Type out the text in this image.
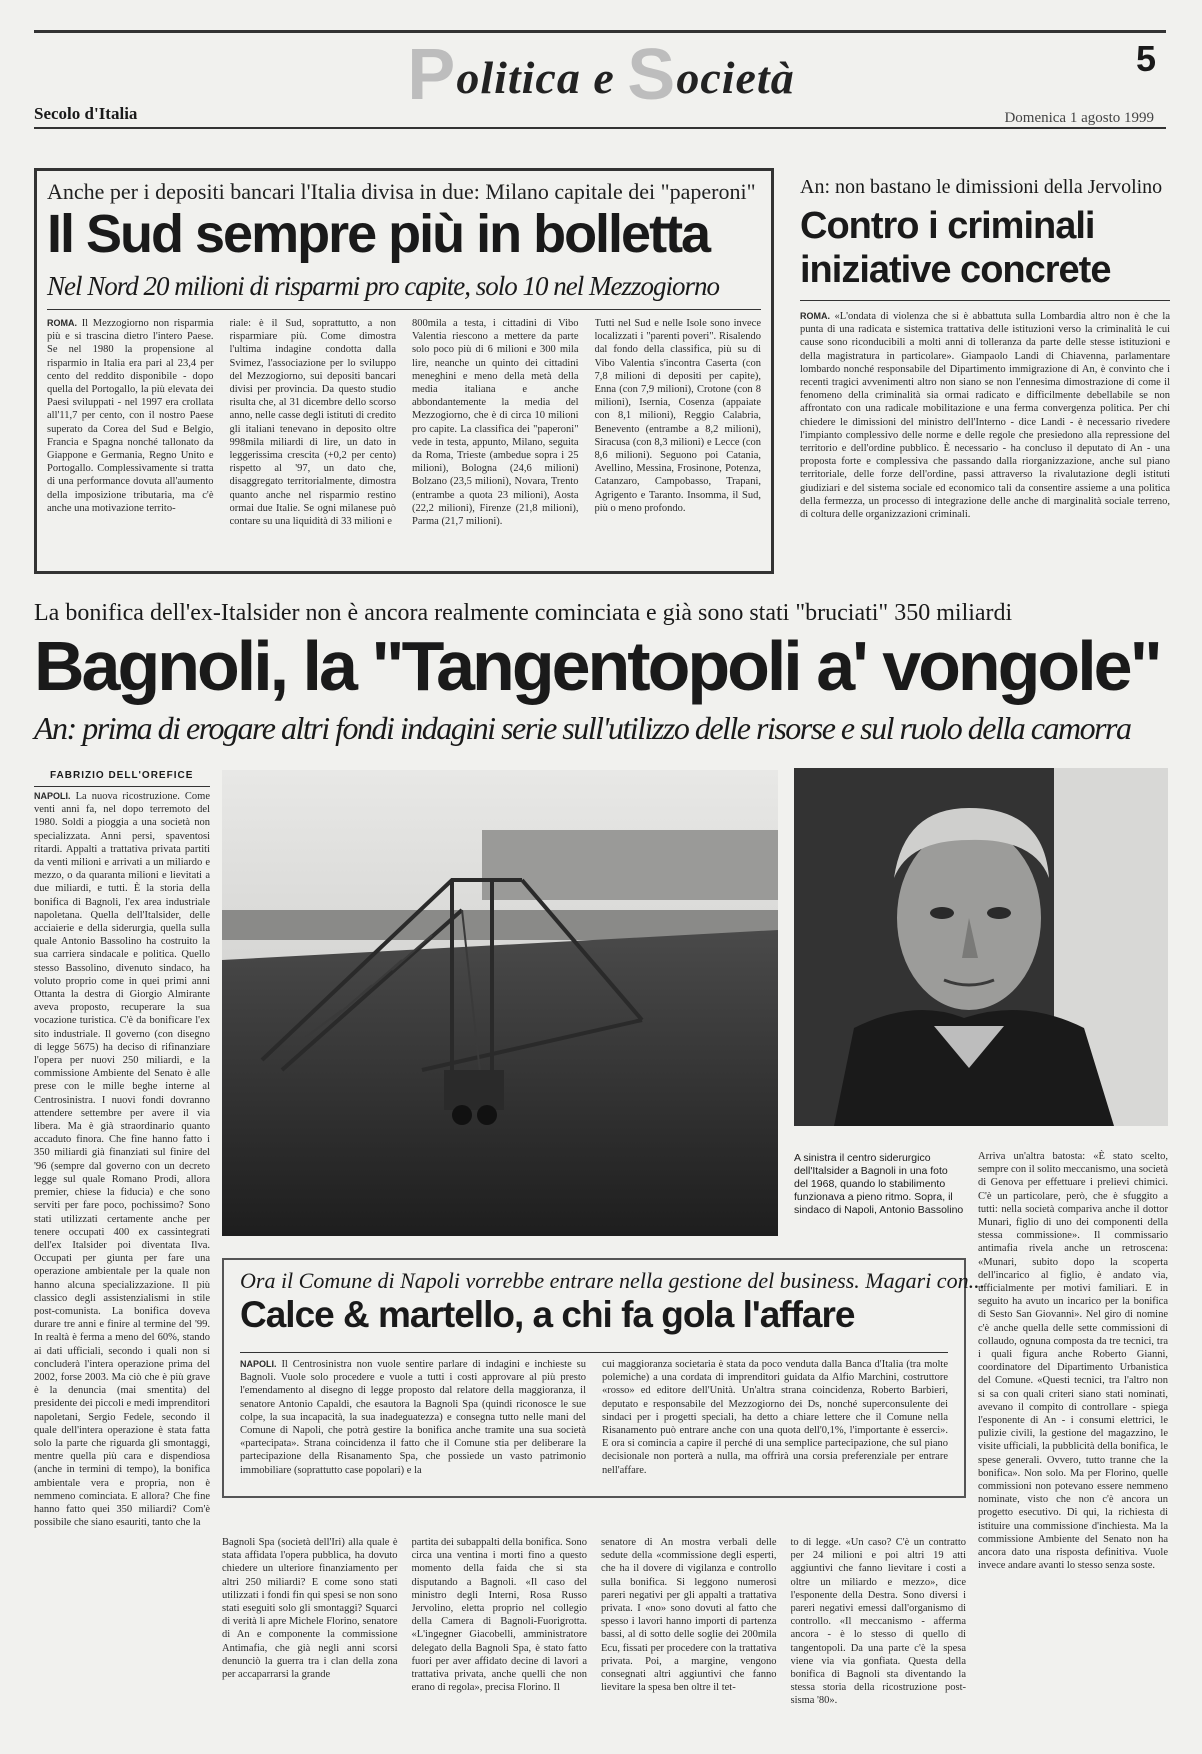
Politica e Società	5
Secolo d'Italia	Domenica 1 agosto 1999
Anche per i depositi bancari l'Italia divisa in due: Milano capitale dei "paperoni"
Il Sud sempre più in bolletta
Nel Nord 20 milioni di risparmi pro capite, solo 10 nel Mezzogiorno
ROMA. Il Mezzogiorno non risparmia più e si trascina dietro l'intero Paese. Se nel 1980 la propensione al risparmio in Italia era pari al 23,4 per cento del reddito disponibile - dopo quella del Portogallo, la più elevata dei Paesi sviluppati - nel 1997 era crollata all'11,7 per cento, con il nostro Paese superato da Corea del Sud e Belgio, Francia e Spagna nonché tallonato da Giappone e Germania, Regno Unito e Portogallo. Complessivamente si tratta di una performance dovuta all'aumento della imposizione tributaria, ma c'è anche una motivazione territo-
riale: è il Sud, soprattutto, a non risparmiare più. Come dimostra l'ultima indagine condotta dalla Svimez, l'associazione per lo sviluppo del Mezzogiorno, sui depositi bancari divisi per provincia. Da questo studio risulta che, al 31 dicembre dello scorso anno, nelle casse degli istituti di credito gli italiani tenevano in deposito oltre 998mila miliardi di lire, un dato in leggerissima crescita (+0,2 per cento) rispetto al '97, un dato che, disaggregato territorialmente, dimostra quanto anche nel risparmio restino ormai due Italie. Se ogni milanese può contare su una liquidità di 33 milioni e
800mila a testa, i cittadini di Vibo Valentia riescono a mettere da parte solo poco più di 6 milioni e 300 mila lire, neanche un quinto dei cittadini meneghini e meno della metà della media italiana e anche abbondantemente la media del Mezzogiorno, che è di circa 10 milioni pro capite. La classifica dei "paperoni" vede in testa, appunto, Milano, seguita da Roma, Trieste (ambedue sopra i 25 milioni), Bologna (24,6 milioni) Bolzano (23,5 milioni), Novara, Trento (entrambe a quota 23 milioni), Aosta (22,2 milioni), Firenze (21,8 milioni), Parma (21,7 milioni).
Tutti nel Sud e nelle Isole sono invece localizzati i "parenti poveri". Risalendo dal fondo della classifica, più su di Vibo Valentia s'incontra Caserta (con 7,8 milioni di depositi per capite), Enna (con 7,9 milioni), Crotone (con 8 milioni), Isernia, Cosenza (appaiate con 8,1 milioni), Reggio Calabria, Benevento (entrambe a 8,2 milioni), Siracusa (con 8,3 milioni) e Lecce (con 8,6 milioni). Seguono poi Catania, Avellino, Messina, Frosinone, Potenza, Catanzaro, Campobasso, Trapani, Agrigento e Taranto. Insomma, il Sud, più o meno profondo.
An: non bastano le dimissioni della Jervolino
Contro i criminali iniziative concrete
ROMA. «L'ondata di violenza che si è abbattuta sulla Lombardia altro non è che la punta di una radicata e sistemica trattativa delle istituzioni verso la criminalità le cui cause sono riconducibili a molti anni di tolleranza da parte delle stesse istituzioni e della magistratura in particolare». Giampaolo Landi di Chiavenna, parlamentare lombardo nonché responsabile del Dipartimento immigrazione di An, è convinto che i recenti tragici avvenimenti altro non siano se non l'ennesima dimostrazione di come il fenomeno della criminalità sia ormai radicato e difficilmente debellabile se non affrontato con una radicale mobilitazione e una ferma convergenza politica. Per chi chiedere le dimissioni del ministro dell'Interno - dice Landi - è necessario rivedere l'impianto complessivo delle norme e delle regole che presiedono alla repressione del territorio e dell'ordine pubblico. È necessario - ha concluso il deputato di An - una proposta forte e complessiva che passando dalla riorganizzazione, anche sul piano territoriale, delle forze dell'ordine, passi attraverso la rivalutazione degli istituti giudiziari e del sistema sociale ed economico tali da consentire assieme a una politica della fermezza, un processo di integrazione delle anche di marginalità sociale terreno, di coltura delle organizzazioni criminali.
La bonifica dell'ex-Italsider non è ancora realmente cominciata e già sono stati "bruciati" 350 miliardi
Bagnoli, la "Tangentopoli a' vongole"
An: prima di erogare altri fondi indagini serie sull'utilizzo delle risorse e sul ruolo della camorra
FABRIZIO DELL'OREFICE
NAPOLI. La nuova ricostruzione. Come venti anni fa, nel dopo terremoto del 1980. Soldi a pioggia a una società non specializzata. Anni persi, spaventosi ritardi. Appalti a trattativa privata partiti da venti milioni e arrivati a un miliardo e mezzo, o da quaranta milioni e lievitati a due miliardi, e tutti. È la storia della bonifica di Bagnoli, l'ex area industriale napoletana. Quella dell'Italsider, delle acciaierie e della siderurgia, quella sulla quale Antonio Bassolino ha costruito la sua carriera sindacale e politica. Quello stesso Bassolino, divenuto sindaco, ha voluto proprio come in quei primi anni Ottanta la destra di Giorgio Almirante aveva proposto, recuperare la sua vocazione turistica. C'è da bonificare l'ex sito industriale. Il governo (con disegno di legge 5675) ha deciso di rifinanziare l'opera per nuovi 250 miliardi, e la commissione Ambiente del Senato è alle prese con le mille beghe interne al Centrosinistra. I nuovi fondi dovranno attendere settembre per avere il via libera. Ma è già straordinario quanto accaduto finora. Che fine hanno fatto i 350 miliardi già finanziati sul finire del '96 (sempre dal governo con un decreto legge sul quale Romano Prodi, allora premier, chiese la fiducia) e che sono serviti per fare poco, pochissimo? Sono stati utilizzati certamente anche per tenere occupati 400 ex cassintegrati dell'ex Italsider poi diventata Ilva. Occupati per giunta per fare una operazione ambientale per la quale non hanno alcuna specializzazione. Il più classico degli assistenzialismi in stile post-comunista. La bonifica doveva durare tre anni e finire al termine del '99. In realtà è ferma a meno del 60%, stando ai dati ufficiali, secondo i quali non si concluderà l'intera operazione prima del 2002, forse 2003. Ma ciò che è più grave è la denuncia (mai smentita) del presidente dei piccoli e medi imprenditori napoletani, Sergio Fedele, secondo il quale dell'intera operazione è stata fatta solo la parte che riguarda gli smontaggi, mentre quella più cara e dispendiosa (anche in termini di tempo), la bonifica ambientale vera e propria, non è nemmeno cominciata. E allora? Che fine hanno fatto quei 350 miliardi? Com'è possibile che siano esauriti, tanto che la
A sinistra il centro siderurgico dell'Italsider a Bagnoli in una foto del 1968, quando lo stabilimento funzionava a pieno ritmo. Sopra, il sindaco di Napoli, Antonio Bassolino
Arriva un'altra batosta: «È stato scelto, sempre con il solito meccanismo, una società di Genova per effettuare i prelievi chimici. C'è un particolare, però, che è sfuggito a tutti: nella società compariva anche il dottor Munari, figlio di uno dei componenti della stessa commissione». Il commissario antimafia rivela anche un retroscena: «Munari, subito dopo la scoperta dell'incarico al figlio, è andato via, ufficialmente per motivi familiari. E in seguito ha avuto un incarico per la bonifica di Sesto San Giovanni». Nel giro di nomine c'è anche quella delle sette commissioni di collaudo, ognuna composta da tre tecnici, tra i quali figura anche Roberto Gianni, coordinatore del Dipartimento Urbanistica del Comune. «Questi tecnici, tra l'altro non si sa con quali criteri siano stati nominati, avevano il compito di controllare - spiega l'esponente di An - i consumi elettrici, le pulizie civili, la gestione del magazzino, le visite ufficiali, la pubblicità della bonifica, le spese generali. Ovvero, tutto tranne che la bonifica». Non solo. Ma per Florino, quelle commissioni non potevano essere nemmeno nominate, visto che non c'è ancora un progetto esecutivo. Di qui, la richiesta di istituire una commissione d'inchiesta. Ma la commissione Ambiente del Senato non ha ancora dato una risposta definitiva. Vuole invece andare avanti lo stesso senza soste.
Ora il Comune di Napoli vorrebbe entrare nella gestione del business. Magari con...
Calce & martello, a chi fa gola l'affare
NAPOLI. Il Centrosinistra non vuole sentire parlare di indagini e inchieste su Bagnoli. Vuole solo procedere e vuole a tutti i costi approvare al più presto l'emendamento al disegno di legge proposto dal relatore della maggioranza, il senatore Antonio Capaldi, che esautora la Bagnoli Spa (quindi riconosce le sue colpe, la sua incapacità, la sua inadeguatezza) e consegna tutto nelle mani del Comune di Napoli, che potrà gestire la bonifica anche tramite una sua società «partecipata». Strana coincidenza il fatto che il Comune stia per deliberare la partecipazione della Risanamento Spa, che possiede un vasto patrimonio immobiliare (soprattutto case popolari) e la
cui maggioranza societaria è stata da poco venduta dalla Banca d'Italia (tra molte polemiche) a una cordata di imprenditori guidata da Alfio Marchini, costruttore «rosso» ed editore dell'Unità. Un'altra strana coincidenza, Roberto Barbieri, deputato e responsabile del Mezzogiorno dei Ds, nonché superconsulente dei sindaci per i progetti speciali, ha detto a chiare lettere che il Comune nella Risanamento può entrare anche con una quota dell'0,1%, l'importante è esserci». E ora si comincia a capire il perché di una semplice partecipazione, che sul piano decisionale non porterà a nulla, ma offrirà una corsia preferenziale per entrare nell'affare.
Bagnoli Spa (società dell'Iri) alla quale è stata affidata l'opera pubblica, ha dovuto chiedere un ulteriore finanziamento per altri 250 miliardi? E come sono stati utilizzati i fondi fin qui spesi se non sono stati eseguiti solo gli smontaggi? Squarci di verità li apre Michele Florino, senatore di An e componente la commissione Antimafia, che già negli anni scorsi denunciò la guerra tra i clan della zona per accaparrarsi la grande
partita dei subappalti della bonifica. Sono circa una ventina i morti fino a questo momento della faida che si sta disputando a Bagnoli. «Il caso del ministro degli Interni, Rosa Russo Jervolino, eletta proprio nel collegio della Camera di Bagnoli-Fuorigrotta. «L'ingegner Giacobelli, amministratore delegato della Bagnoli Spa, è stato fatto fuori per aver affidato decine di lavori a trattativa privata, anche quelli che non erano di regola», precisa Florino. Il
senatore di An mostra verbali delle sedute della «commissione degli esperti, che ha il dovere di vigilanza e controllo sulla bonifica. Si leggono numerosi pareri negativi per gli appalti a trattativa privata. I «no» sono dovuti al fatto che spesso i lavori hanno importi di partenza bassi, al di sotto delle soglie dei 200mila Ecu, fissati per procedere con la trattativa privata. Poi, a margine, vengono consegnati altri aggiuntivi che fanno lievitare la spesa ben oltre il tet-
to di legge. «Un caso? C'è un contratto per 24 milioni e poi altri 19 atti aggiuntivi che fanno lievitare i costi a oltre un miliardo e mezzo», dice l'esponente della Destra. Sono diversi i pareri negativi emessi dall'organismo di controllo. «Il meccanismo - afferma ancora - è lo stesso di quello di tangentopoli. Da una parte c'è la spesa viene via via gonfiata. Questa della bonifica di Bagnoli sta diventando la stessa storia della ricostruzione post-sisma '80».
